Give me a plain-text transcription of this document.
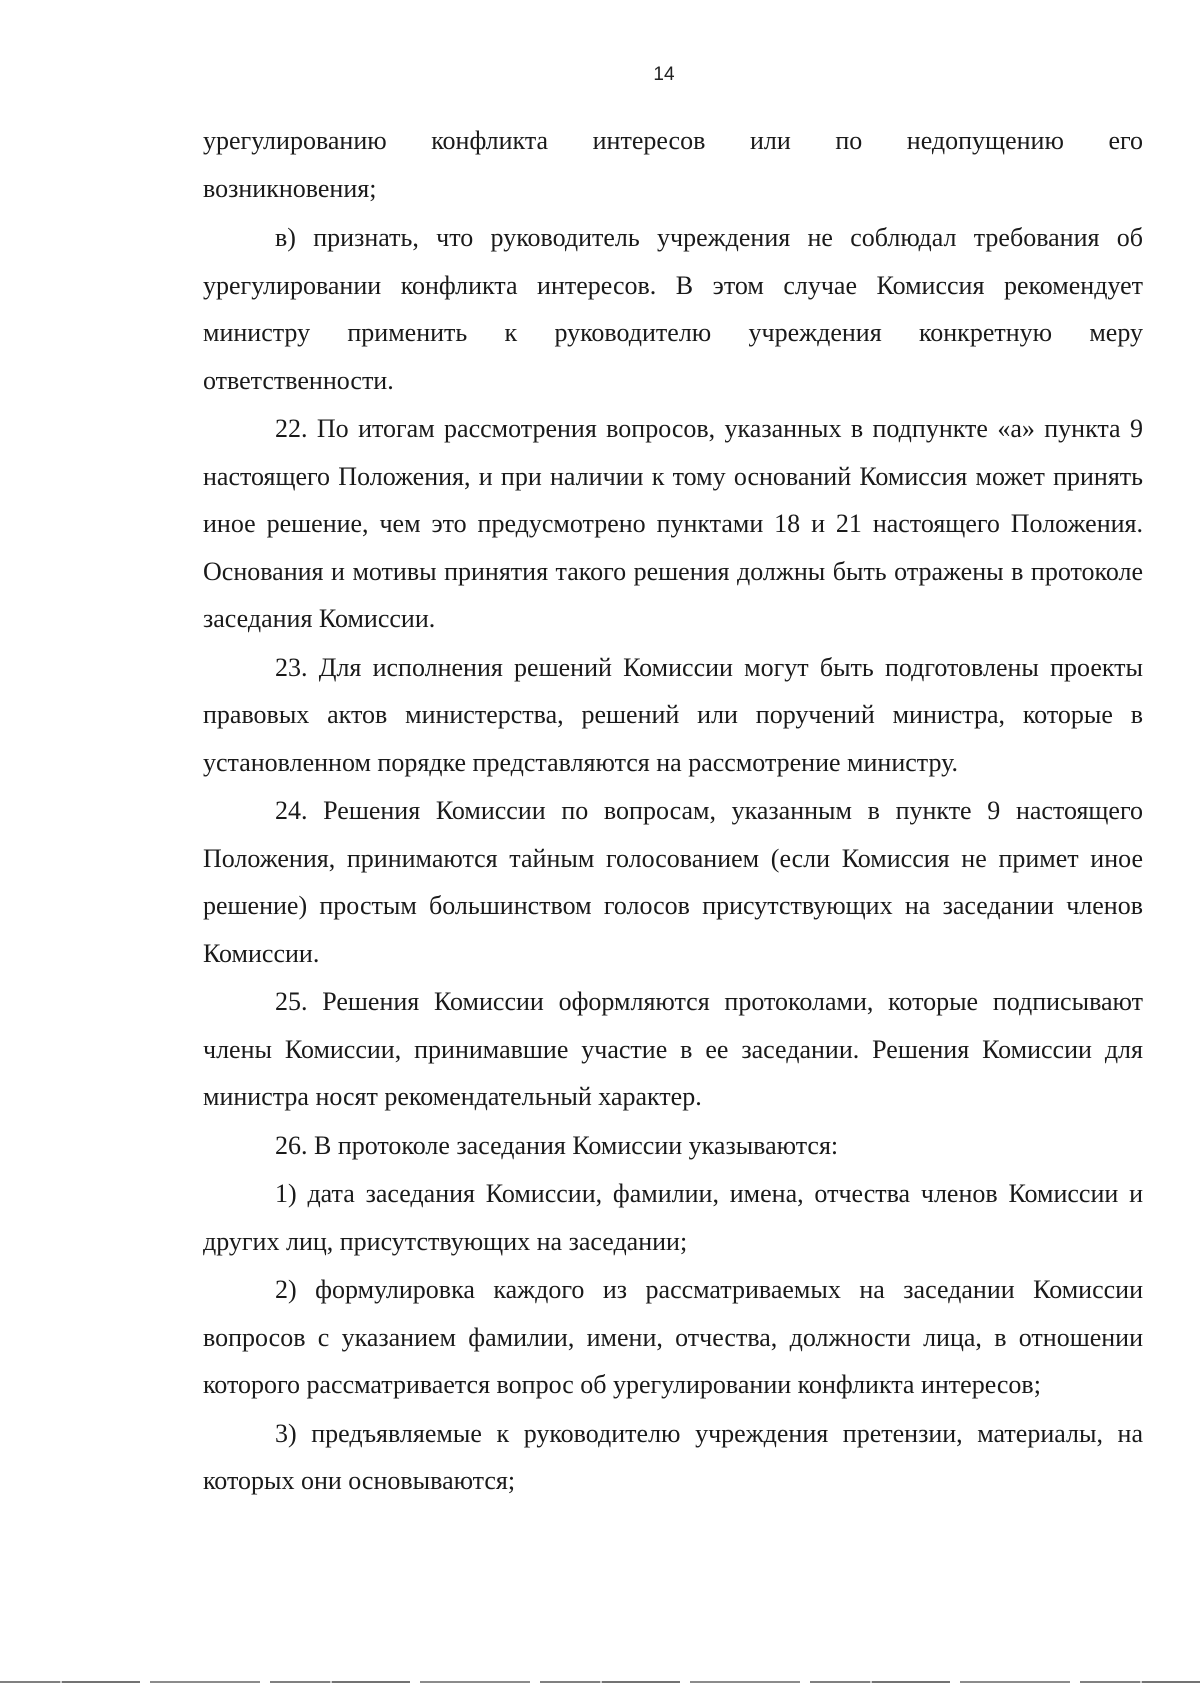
14

урегулированию конфликта интересов или по недопущению его

возникновения;

в) признать, что руководитель учреждения не соблюдал требования об урегулировании конфликта интересов. В этом случае Комиссия рекомендует министру применить к руководителю учреждения конкретную меру ответственности.

22. По итогам рассмотрения вопросов, указанных в подпункте «а» пункта 9 настоящего Положения, и при наличии к тому оснований Комиссия может принять иное решение, чем это предусмотрено пунктами 18 и 21 настоящего Положения. Основания и мотивы принятия такого решения должны быть отражены в протоколе заседания Комиссии.

23. Для исполнения решений Комиссии могут быть подготовлены проекты правовых актов министерства, решений или поручений министра, которые в установленном порядке представляются на рассмотрение министру.

24. Решения Комиссии по вопросам, указанным в пункте 9 настоящего Положения, принимаются тайным голосованием (если Комиссия не примет иное решение) простым большинством голосов присутствующих на заседании членов Комиссии.

25. Решения Комиссии оформляются протоколами, которые подписывают члены Комиссии, принимавшие участие в ее заседании. Решения Комиссии для министра носят рекомендательный характер.

26. В протоколе заседания Комиссии указываются:

1) дата заседания Комиссии, фамилии, имена, отчества членов Комиссии и других лиц, присутствующих на заседании;

2) формулировка каждого из рассматриваемых на заседании Комиссии вопросов с указанием фамилии, имени, отчества, должности лица, в отношении которого рассматривается вопрос об урегулировании конфликта интересов;

3) предъявляемые к руководителю учреждения претензии, материалы, на которых они основываются;
